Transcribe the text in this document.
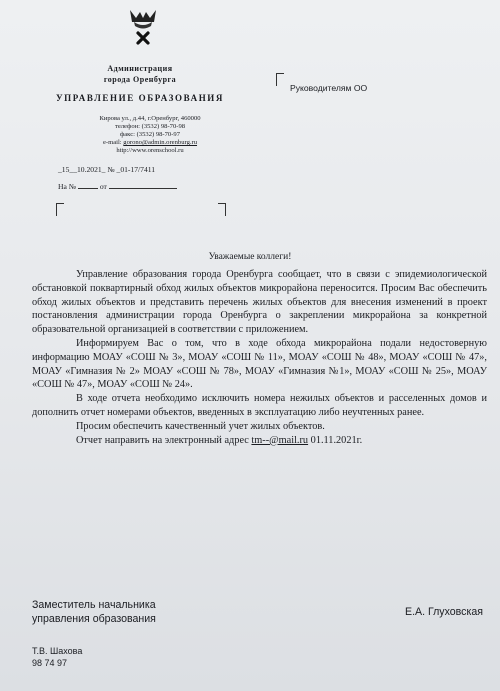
Администрация
города Оренбурга
УПРАВЛЕНИЕ ОБРАЗОВАНИЯ
Кирова ул., д.44, г.Оренбург, 460000
телефон: (3532) 98-70-98
факс: (3532) 98-70-97
e-mail: gorono@admin.orenburg.ru
http://www.orenschool.ru
_15__10.2021_ № _01-17/7411
На №	от
Руководителям ОО
Уважаемые коллеги!

Управление образования города Оренбурга сообщает, что в связи с эпидемиологической обстановкой поквартирный обход жилых объектов микрорайона переносится. Просим Вас обеспечить обход жилых объектов и представить перечень жилых объектов для внесения изменений в проект постановления администрации города Оренбурга о закреплении микрорайона за конкретной образовательной организацией в соответствии с приложением.

Информируем Вас о том, что в ходе обхода микрорайона подали недостоверную информацию МОАУ «СОШ № 3», МОАУ «СОШ № 11», МОАУ «СОШ № 48», МОАУ «СОШ № 47», МОАУ «Гимназия № 2» МОАУ «СОШ № 78», МОАУ «Гимназия №1», МОАУ «СОШ № 25», МОАУ «СОШ № 47», МОАУ «СОШ № 24».

В ходе отчета необходимо исключить номера нежилых объектов и расселенных домов и дополнить отчет номерами объектов, введенных в эксплуатацию либо неучтенных ранее.

Просим обеспечить качественный учет жилых объектов.

Отчет направить на электронный адрес tm--@mail.ru 01.11.2021г.

Заместитель начальника
управления образования
Е.А. Глуховская
Т.В. Шахова
98 74 97
